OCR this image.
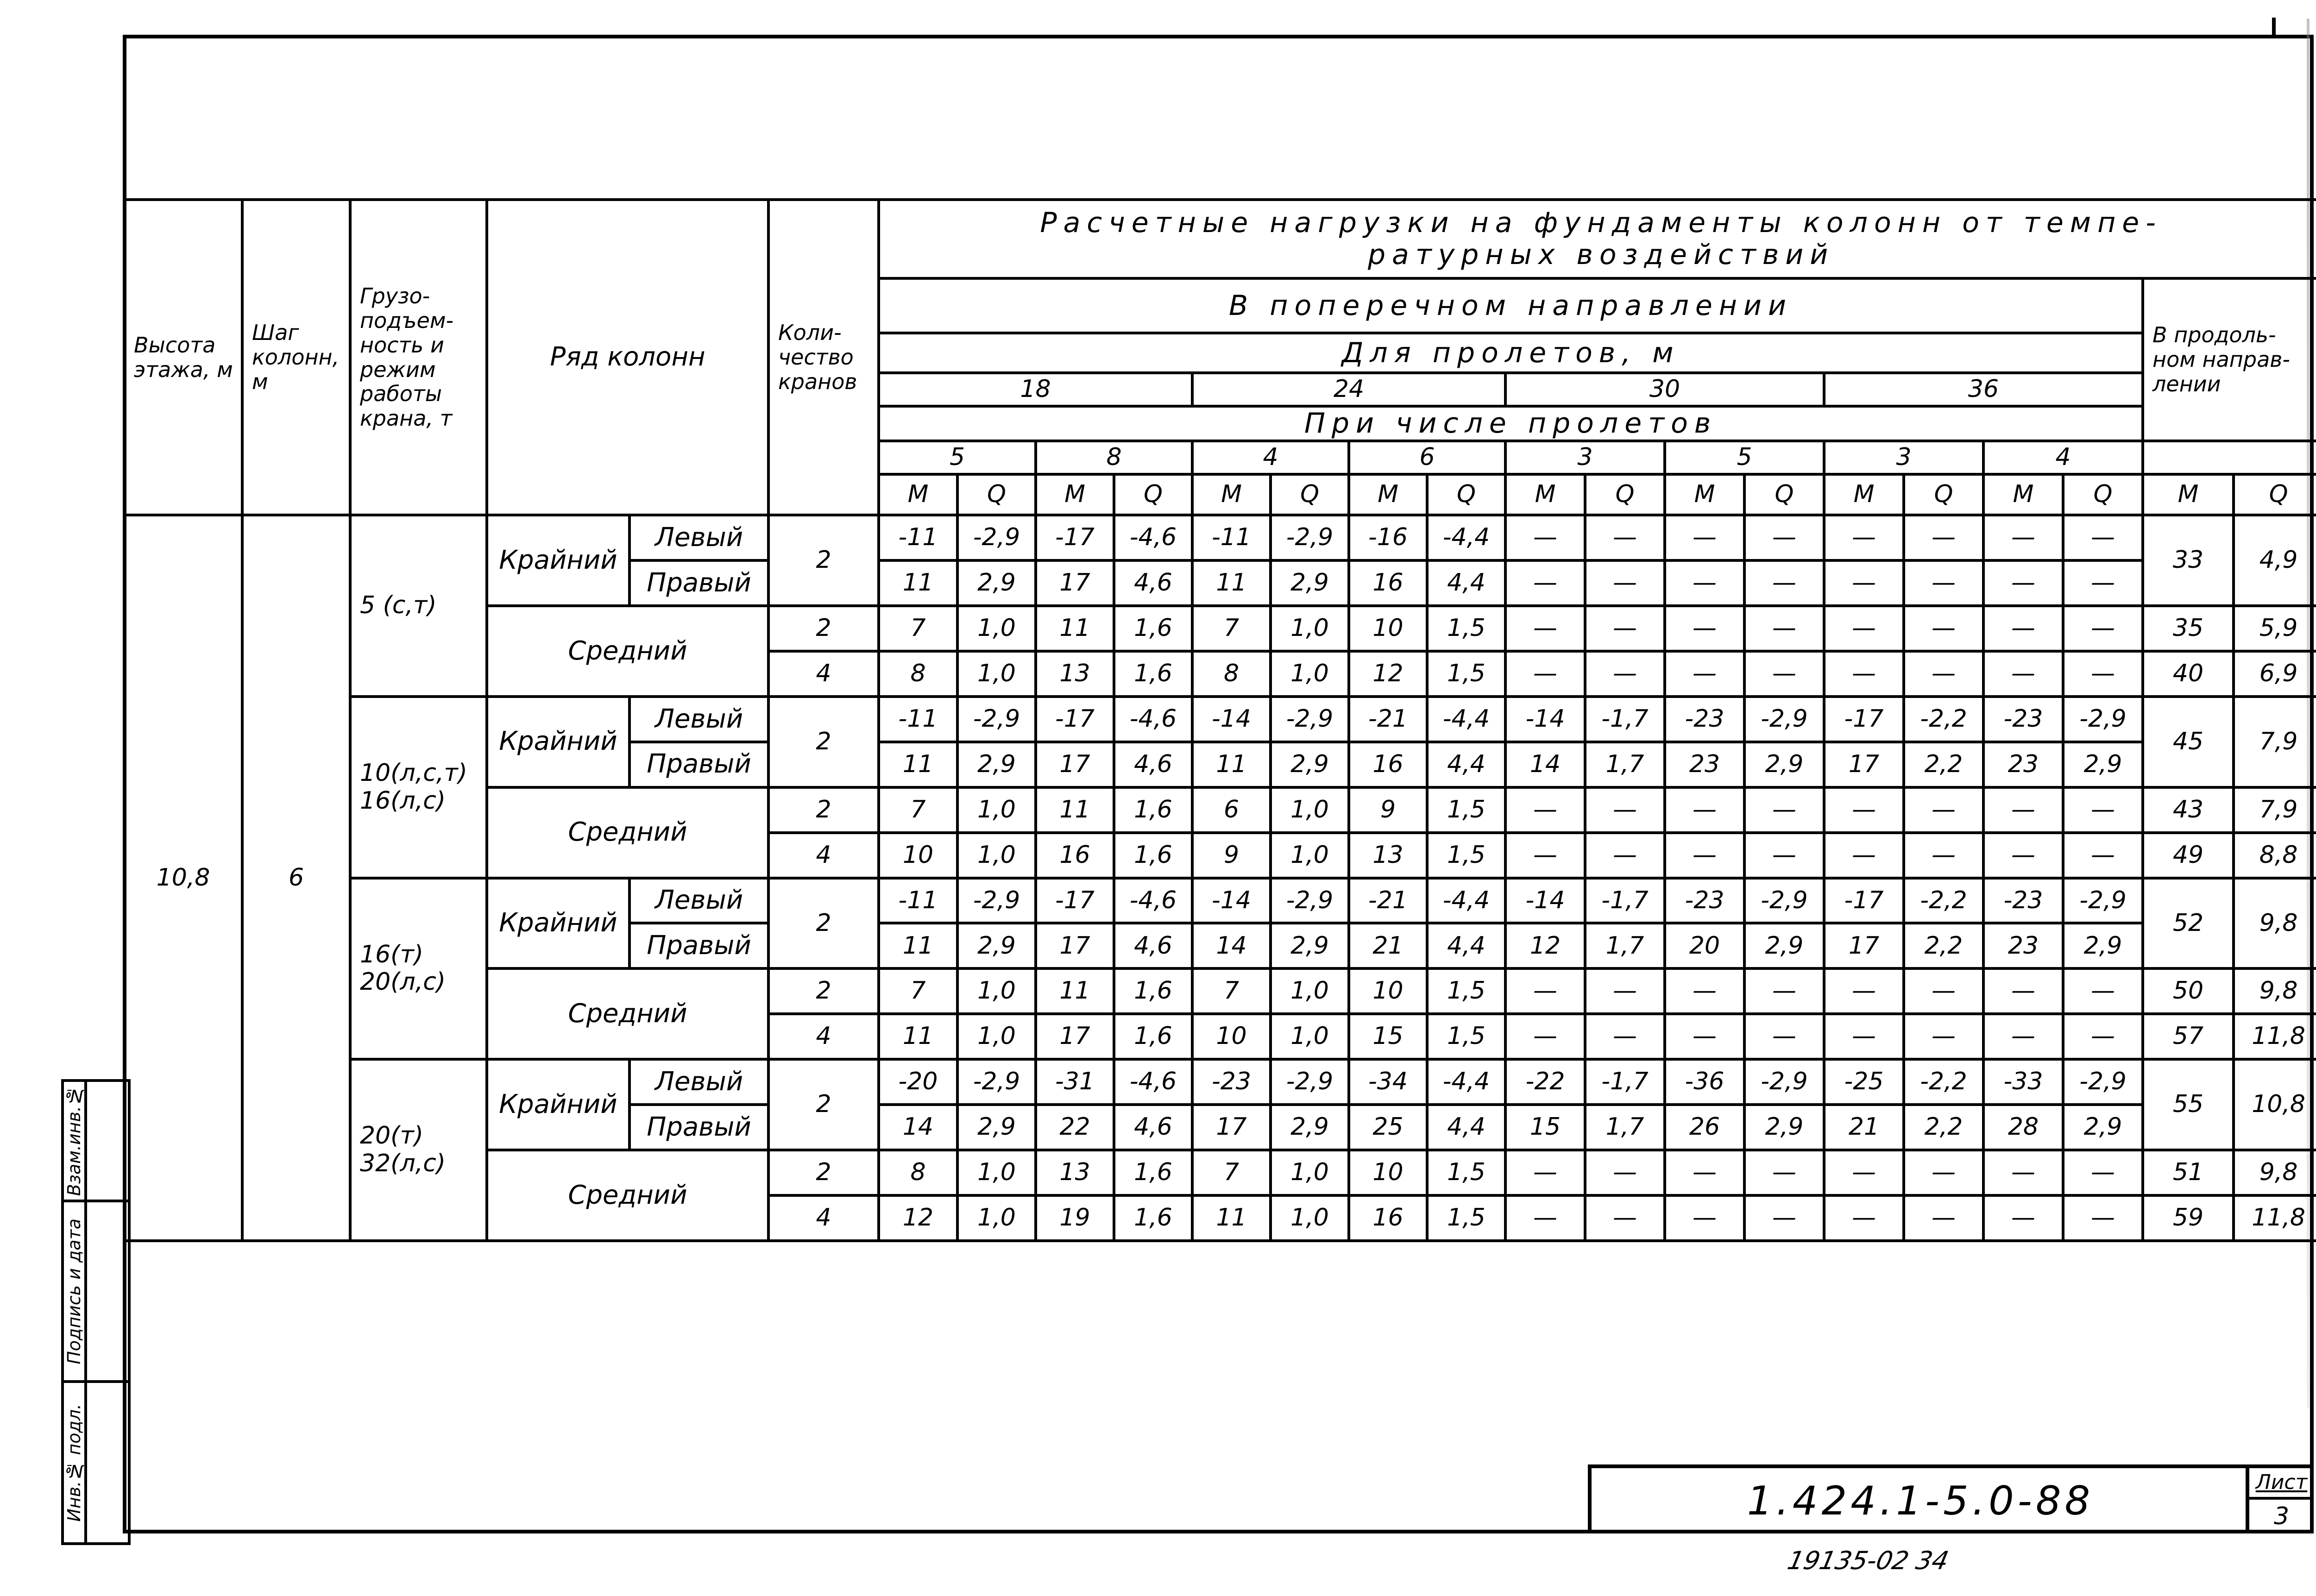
Высота этажа, м	Шаг колонн, м	Грузо- подъем- ность и режим работы крана, т	Ряд колонн		Коли- чество кранов	Расчетные нагрузки на фундаменты колонн от темпе-
ратурных воздействий																	
						В поперечном направлении																В продоль- ном направ- лении	
						Для пролетов, м																	
						18				24				30				36					
						При числе пролетов																	
						5		8		4		6		3		5		3		4			
						M	Q	M	Q	M	Q	M	Q	M	Q	M	Q	M	Q	M	Q	M	Q
10,8	6	5 (с,т)	Крайний	Левый	2	-11	-2,9	-17	-4,6	-11	-2,9	-16	-4,4	—	—	—	—	—	—	—	—	33	4,9
				Правый		11	2,9	17	4,6	11	2,9	16	4,4	—	—	—	—	—	—	—	—		
			Средний		2	7	1,0	11	1,6	7	1,0	10	1,5	—	—	—	—	—	—	—	—	35	5,9
					4	8	1,0	13	1,6	8	1,0	12	1,5	—	—	—	—	—	—	—	—	40	6,9
		10(л,с,т) 16(л,с)	Крайний	Левый	2	-11	-2,9	-17	-4,6	-14	-2,9	-21	-4,4	-14	-1,7	-23	-2,9	-17	-2,2	-23	-2,9	45	7,9
				Правый		11	2,9	17	4,6	11	2,9	16	4,4	14	1,7	23	2,9	17	2,2	23	2,9		
			Средний		2	7	1,0	11	1,6	6	1,0	9	1,5	—	—	—	—	—	—	—	—	43	7,9
					4	10	1,0	16	1,6	9	1,0	13	1,5	—	—	—	—	—	—	—	—	49	8,8
		16(т) 20(л,с)	Крайний	Левый	2	-11	-2,9	-17	-4,6	-14	-2,9	-21	-4,4	-14	-1,7	-23	-2,9	-17	-2,2	-23	-2,9	52	9,8
				Правый		11	2,9	17	4,6	14	2,9	21	4,4	12	1,7	20	2,9	17	2,2	23	2,9		
			Средний		2	7	1,0	11	1,6	7	1,0	10	1,5	—	—	—	—	—	—	—	—	50	9,8
					4	11	1,0	17	1,6	10	1,0	15	1,5	—	—	—	—	—	—	—	—	57	11,8
		20(т) 32(л,с)	Крайний	Левый	2	-20	-2,9	-31	-4,6	-23	-2,9	-34	-4,4	-22	-1,7	-36	-2,9	-25	-2,2	-33	-2,9	55	10,8
				Правый		14	2,9	22	4,6	17	2,9	25	4,4	15	1,7	26	2,9	21	2,2	28	2,9		
			Средний		2	8	1,0	13	1,6	7	1,0	10	1,5	—	—	—	—	—	—	—	—	51	9,8
					4	12	1,0	19	1,6	11	1,0	16	1,5	—	—	—	—	—	—	—	—	59	11,8
Взам.инв.№	

Подпись и дата	

Инв.№ подл.	
		1.424.1-5.0-88	Лист
3
19135-02 34
